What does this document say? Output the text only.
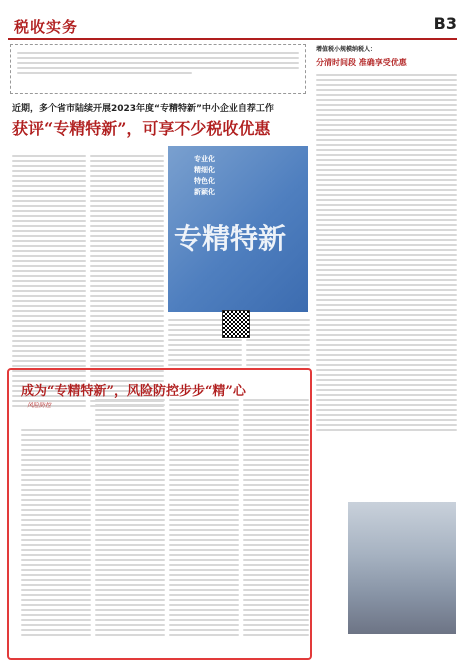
税收实务	B3
近期，多个省市陆续开展2023年度“专精特新”中小企业自荐工作
获评“专精特新”，可享不少税收优惠
专业化
精细化
特色化
新颖化
专精特新
增值税小规模纳税人：
分清时间段 准确享受优惠
成为“专精特新”，风险防控步步“精”心
风险防控
